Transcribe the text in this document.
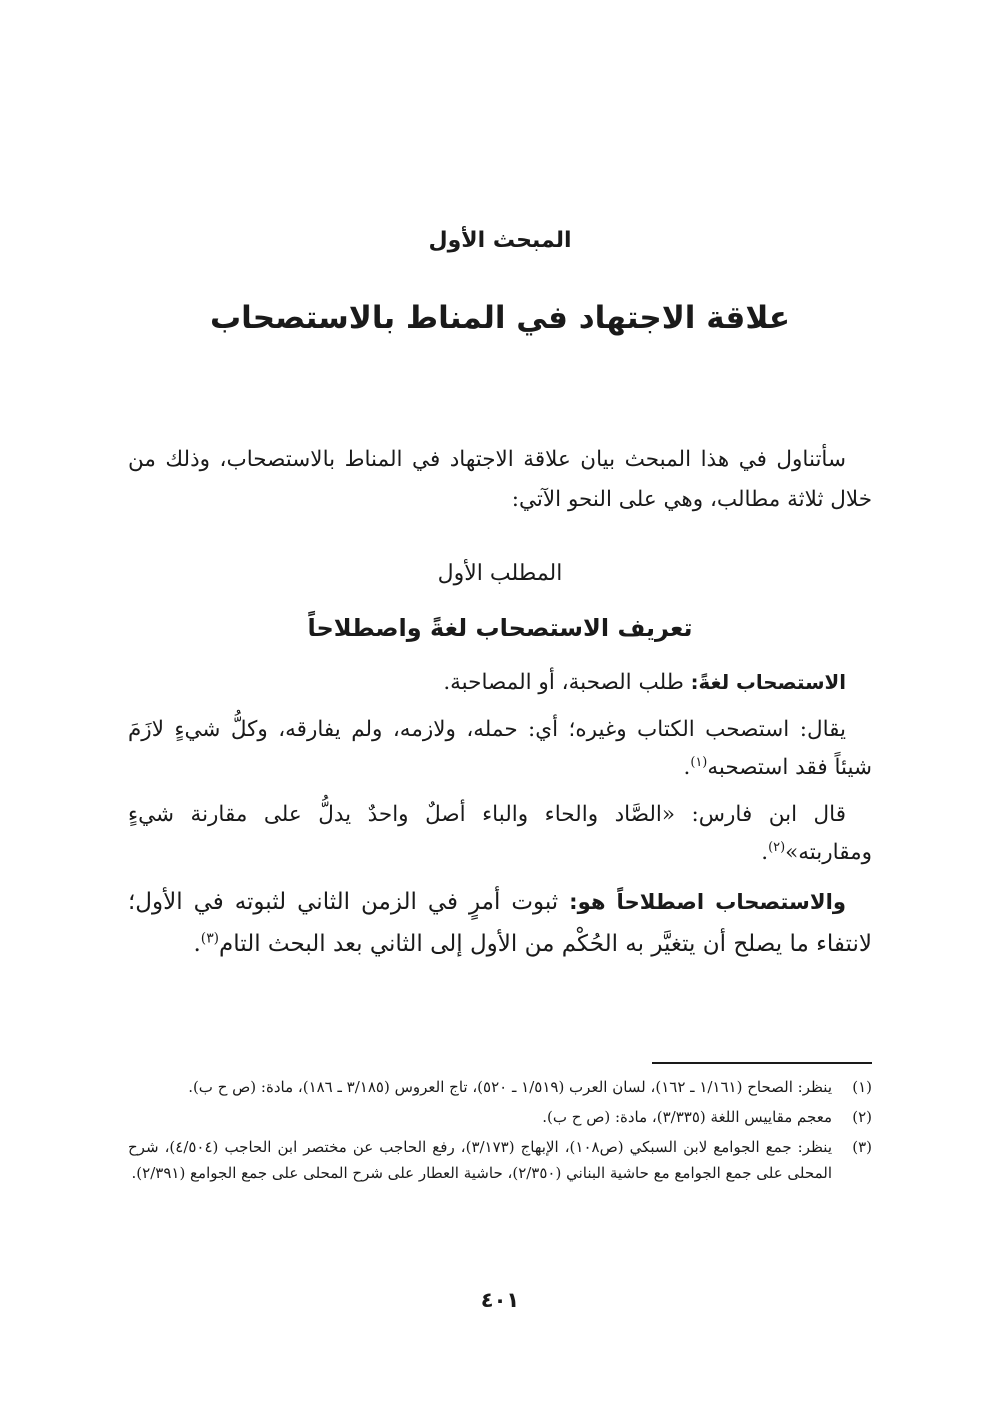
المبحث الأول
علاقة الاجتهاد في المناط بالاستصحاب

سأتناول في هذا المبحث بيان علاقة الاجتهاد في المناط بالاستصحاب، وذلك من خلال ثلاثة مطالب، وهي على النحو الآتي:

المطلب الأول
تعريف الاستصحاب لغةً واصطلاحاً

الاستصحاب لغةً: طلب الصحبة، أو المصاحبة.

يقال: استصحب الكتاب وغيره؛ أي: حمله، ولازمه، ولم يفارقه، وكلُّ شيءٍ لازَمَ شيئاً فقد استصحبه$^{(١)}$.

قال ابن فارس: «الصَّاد والحاء والباء أصلٌ واحدٌ يدلُّ على مقارنة شيءٍ ومقاربته»$^{(٢)}$.

والاستصحاب اصطلاحاً هو: ثبوت أمرٍ في الزمن الثاني لثبوته في الأول؛ لانتفاء ما يصلح أن يتغيَّر به الحُكْم من الأول إلى الثاني بعد البحث التام$^{(٣)}$.

(١)
ينظر: الصحاح (١/١٦١ ـ ١٦٢)، لسان العرب (١/٥١٩ ـ ٥٢٠)، تاج العروس (٣/١٨٥ ـ ١٨٦)، مادة: (ص ح ب).
(٢)
معجم مقاييس اللغة (٣/٣٣٥)، مادة: (ص ح ب).
(٣)
ينظر: جمع الجوامع لابن السبكي (ص١٠٨)، الإبهاج (٣/١٧٣)، رفع الحاجب عن مختصر ابن الحاجب (٤/٥٠٤)، شرح المحلى على جمع الجوامع مع حاشية البناني (٢/٣٥٠)، حاشية العطار على شرح المحلى على جمع الجوامع (٢/٣٩١).
٤٠١
